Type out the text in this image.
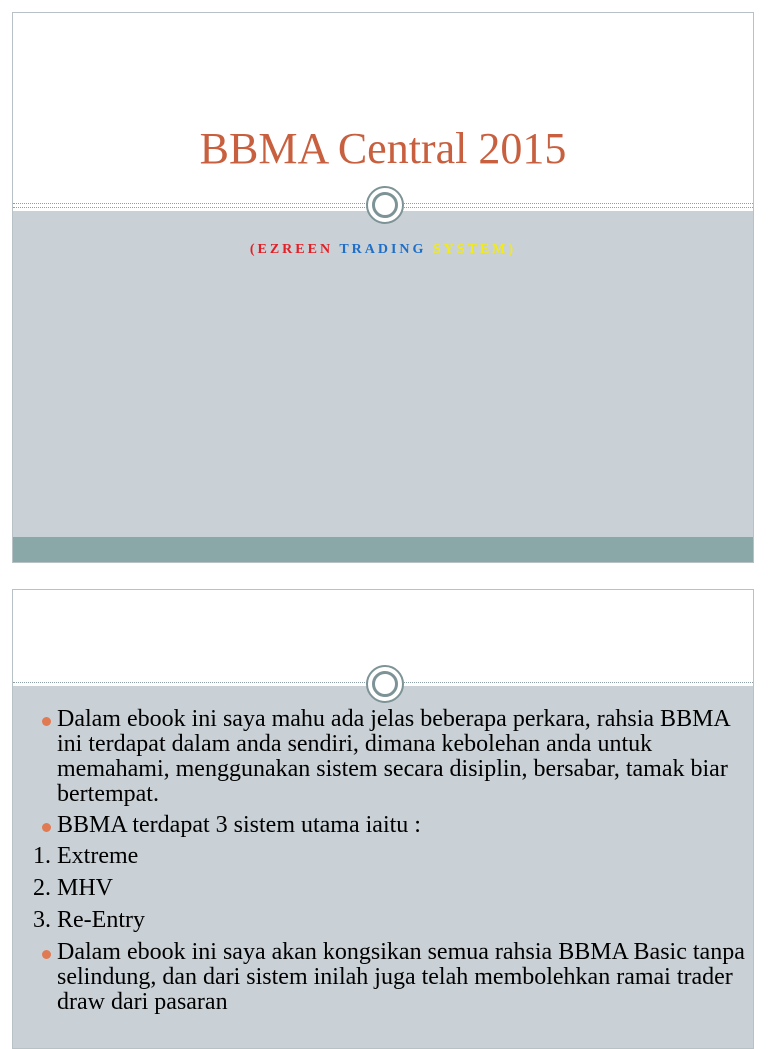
BBMA Central 2015
(EZREEN TRADING SYSTEM)
Dalam ebook ini saya mahu ada jelas beberapa perkara, rahsia BBMA ini terdapat dalam anda sendiri, dimana kebolehan anda untuk memahami, menggunakan sistem secara disiplin, bersabar, tamak biar bertempat.
BBMA terdapat 3 sistem utama iaitu :
1. Extreme
2. MHV
3. Re-Entry
Dalam ebook ini saya akan kongsikan semua rahsia BBMA Basic tanpa selindung, dan dari sistem inilah juga telah membolehkan ramai trader draw dari pasaran
